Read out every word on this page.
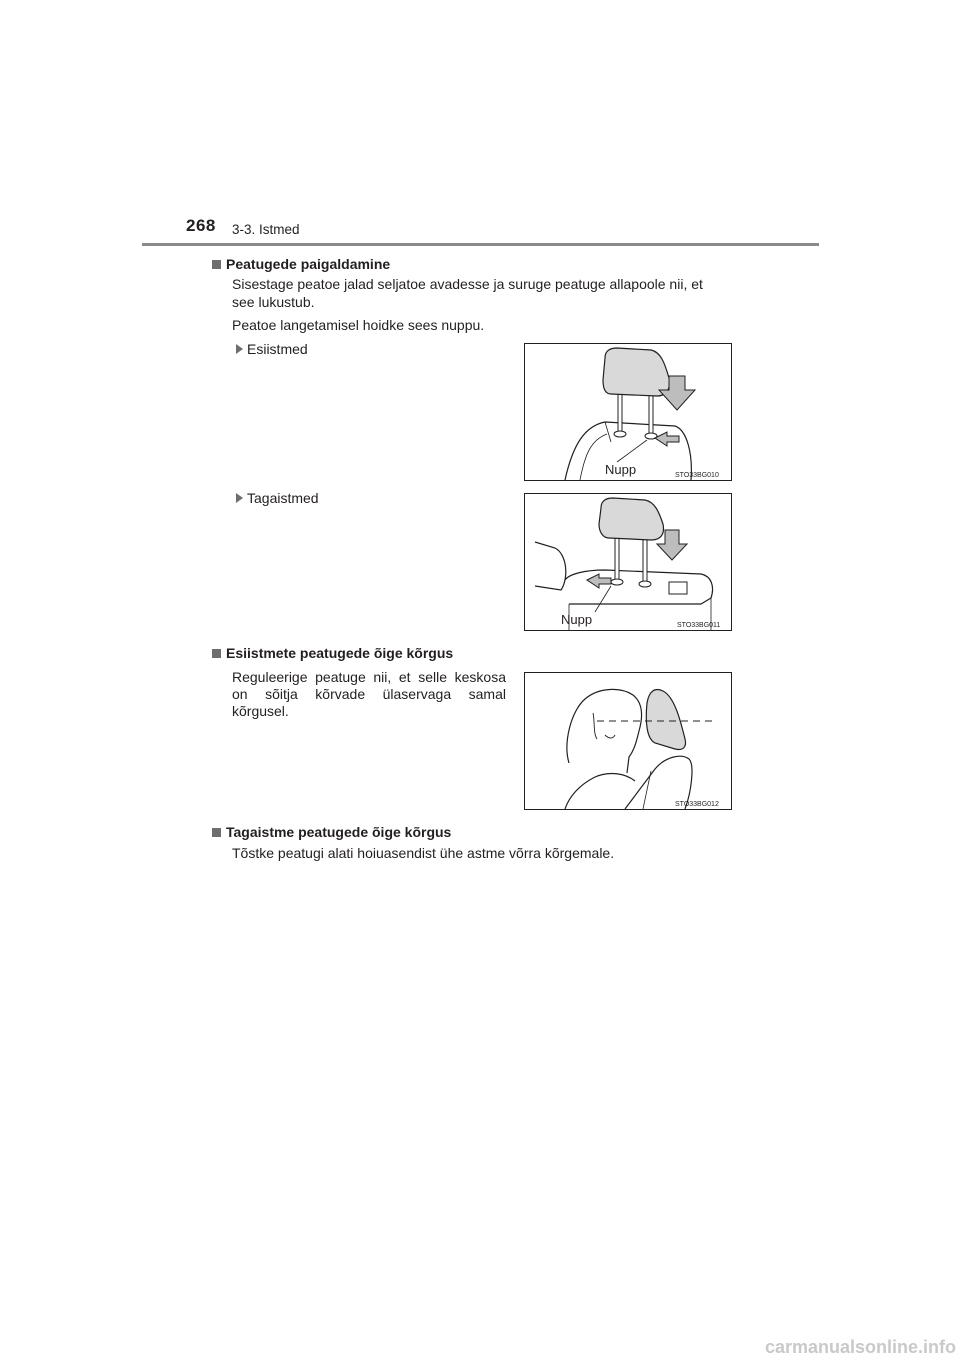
268 3-3. Istmed
Peatugede paigaldamine
Sisestage peatoe jalad seljatoe avadesse ja suruge peatuge allapoole nii, et
see lukustub.
Peatoe langetamisel hoidke sees nuppu.
Esiistmed
Tagaistmed
Nupp	STO33BG010
Nupp	STO33BG011
Esiistmete peatugede õige kõrgus
Reguleerige peatuge nii, et selle keskosa on sõitja kõrvade ülaservaga samal kõrgusel.
STO33BG012
Tagaistme peatugede õige kõrgus
Tõstke peatugi alati hoiuasendist ühe astme võrra kõrgemale.
carmanualsonline.info
